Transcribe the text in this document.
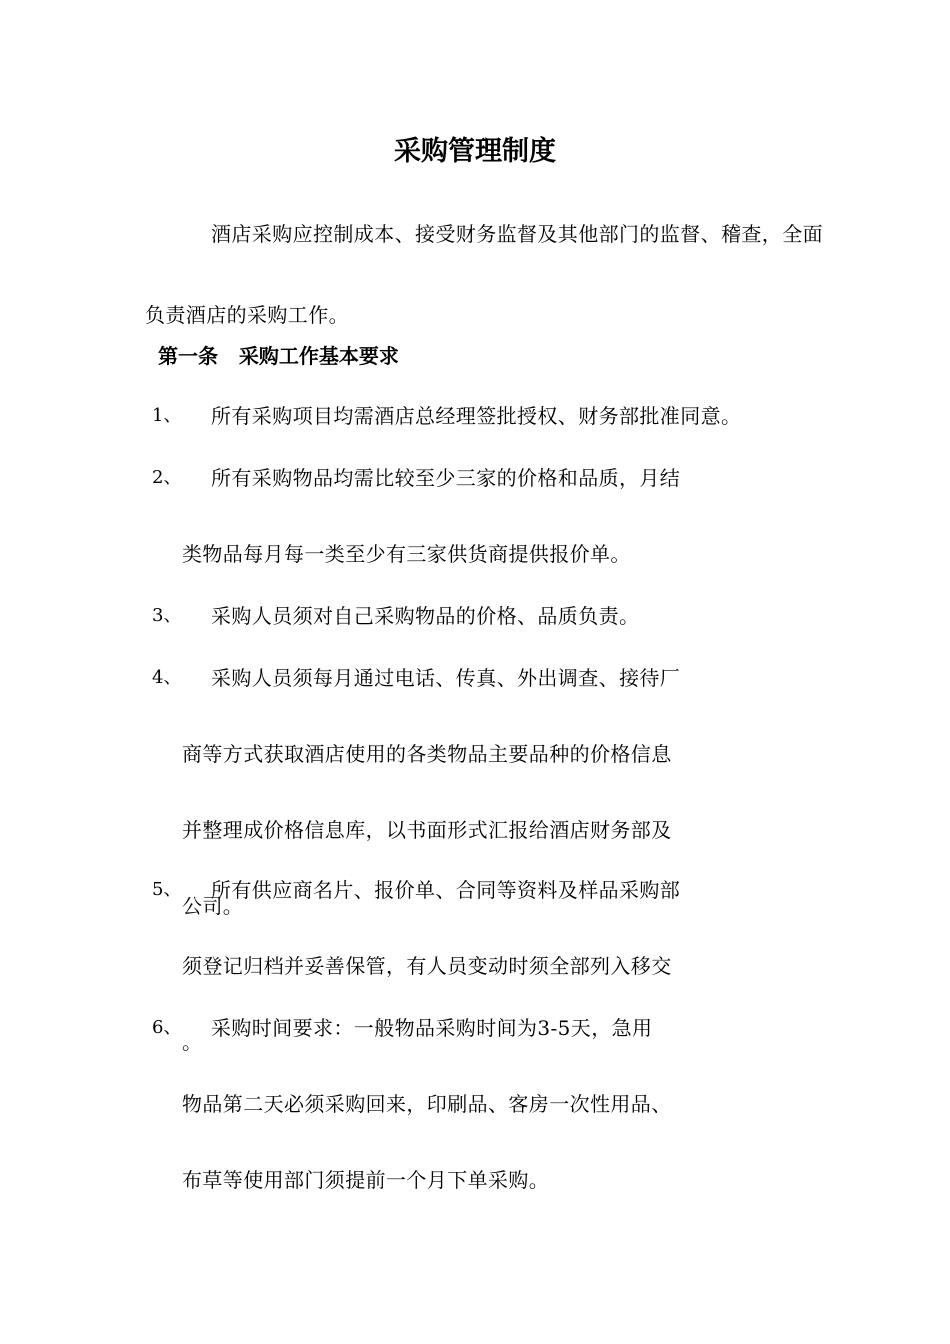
采购管理制度
酒店采购应控制成本、接受财务监督及其他部门的监督、稽查，全面负责酒店的采购工作。
第一条   采购工作基本要求
1、	所有采购项目均需酒店总经理签批授权、财务部批准同意。
2、 所有采购物品均需比较至少三家的价格和品质，月结
类物品每月每一类至少有三家供货商提供报价单。
3、	采购人员须对自己采购物品的价格、品质负责。
4、 采购人员须每月通过电话、传真、外出调查、接待厂
商等方式获取酒店使用的各类物品主要品种的价格信息
并整理成价格信息库，以书面形式汇报给酒店财务部及
公司。
5、 所有供应商名片、报价单、合同等资料及样品采购部
须登记归档并妥善保管，有人员变动时须全部列入移交
。
6、 采购时间要求：一般物品采购时间为3-5天，急用
物品第二天必须采购回来，印刷品、客房一次性用品、
布草等使用部门须提前一个月下单采购。
